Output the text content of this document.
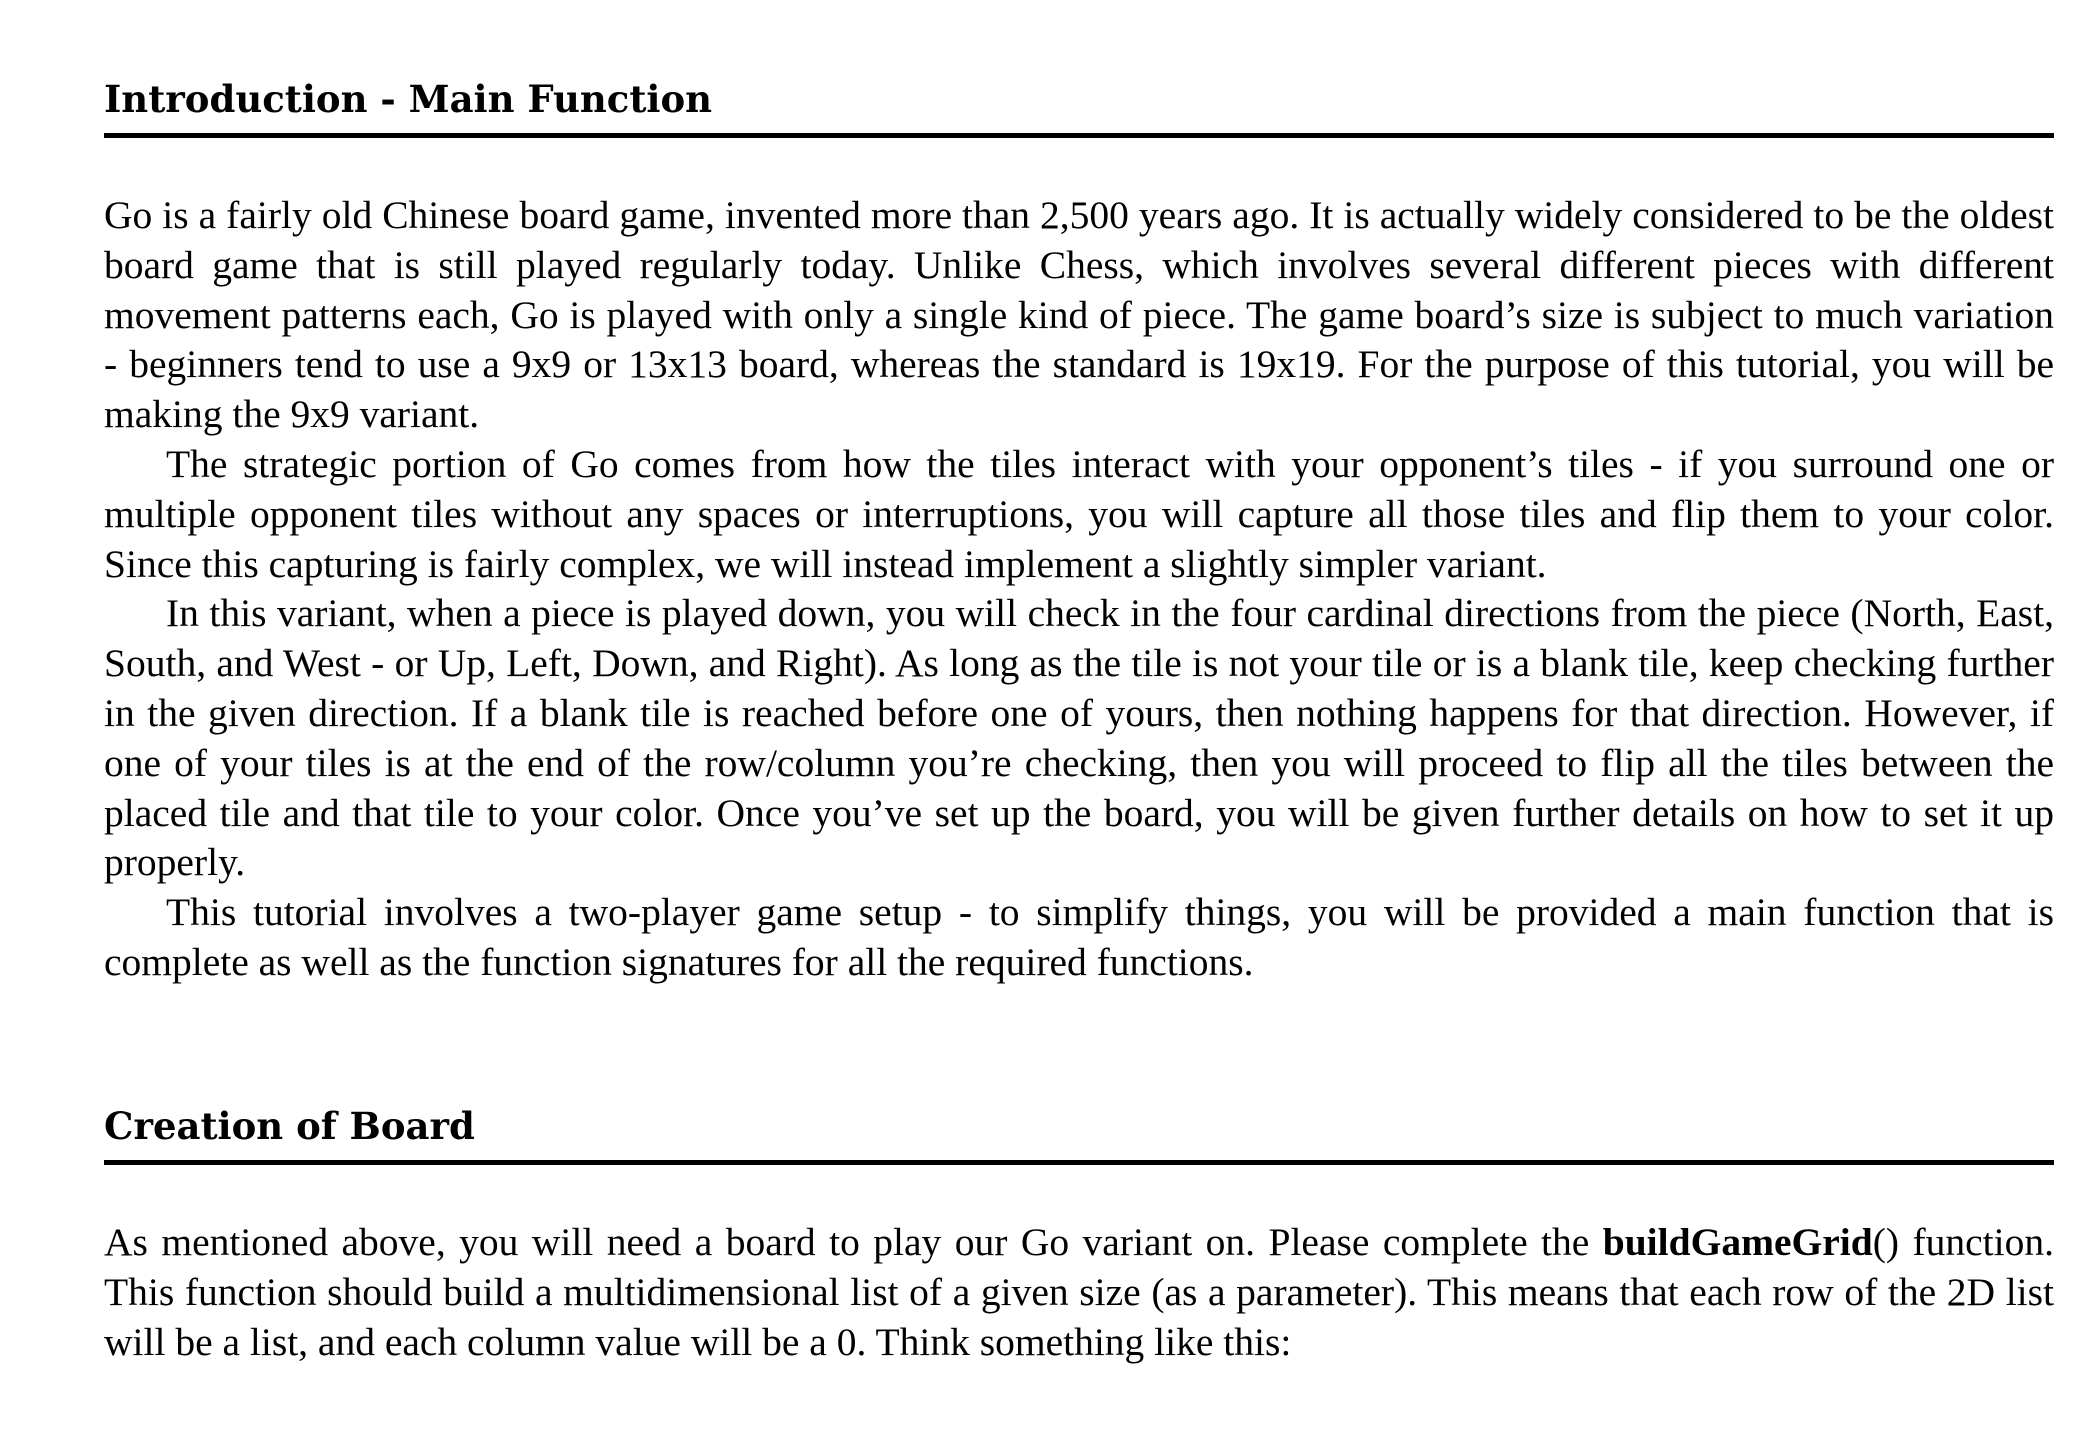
Introduction - Main Function

Go is a fairly old Chinese board game, invented more than 2,500 years ago. It is actually widely considered to be the oldest board game that is still played regularly today. Unlike Chess, which involves several different pieces with different movement patterns each, Go is played with only a single kind of piece. The game board’s size is subject to much variation - beginners tend to use a 9x9 or 13x13 board, whereas the standard is 19x19. For the purpose of this tutorial, you will be making the 9x9 variant.

The strategic portion of Go comes from how the tiles interact with your opponent’s tiles - if you surround one or multiple opponent tiles without any spaces or interruptions, you will capture all those tiles and flip them to your color. Since this capturing is fairly complex, we will instead implement a slightly simpler variant.

In this variant, when a piece is played down, you will check in the four cardinal directions from the piece (North, East, South, and West - or Up, Left, Down, and Right). As long as the tile is not your tile or is a blank tile, keep checking further in the given direction. If a blank tile is reached before one of yours, then nothing happens for that direction. However, if one of your tiles is at the end of the row/column you’re checking, then you will proceed to flip all the tiles between the placed tile and that tile to your color. Once you’ve set up the board, you will be given further details on how to set it up properly.

This tutorial involves a two-player game setup - to simplify things, you will be provided a main function that is complete as well as the function signatures for all the required functions.

Creation of Board

As mentioned above, you will need a board to play our Go variant on. Please complete the buildGameGrid() function. This function should build a multidimensional list of a given size (as a parameter). This means that each row of the 2D list will be a list, and each column value will be a 0. Think something like this:
